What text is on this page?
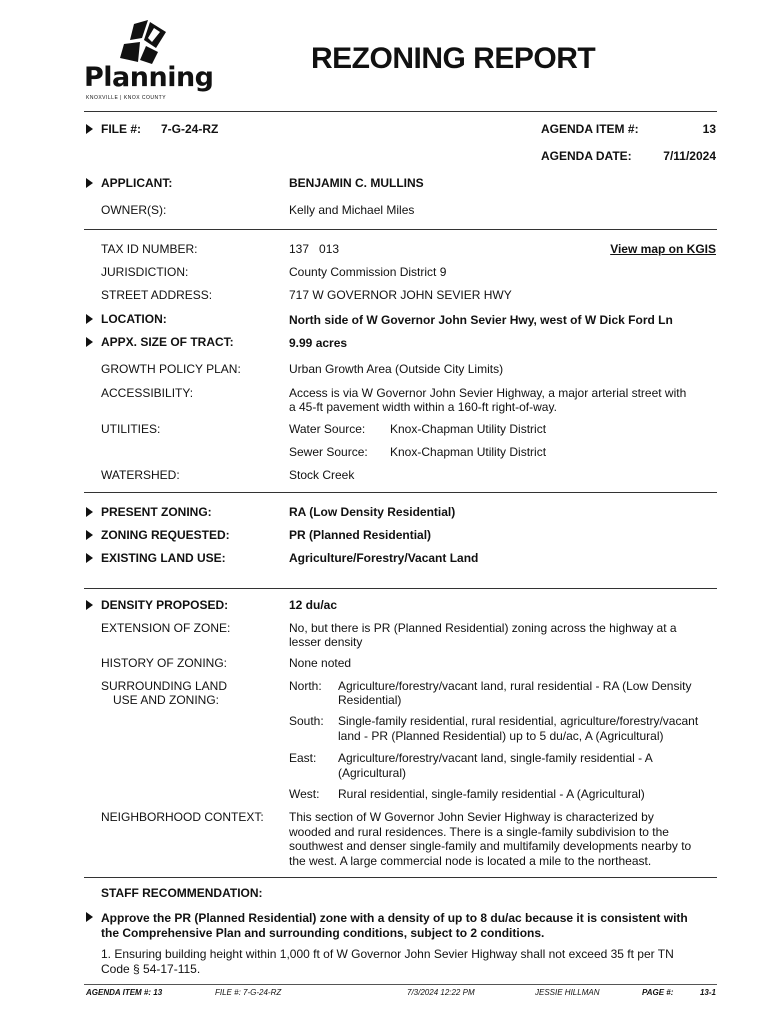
Planning
KNOXVILLE | KNOX COUNTY
REZONING REPORT
FILE #: 7-G-24-RZ	AGENDA ITEM #:	13
AGENDA DATE:	7/11/2024
APPLICANT:	BENJAMIN C. MULLINS
OWNER(S):	Kelly and Michael Miles
TAX ID NUMBER:	137   013	View map on KGIS
JURISDICTION:	County Commission District 9
STREET ADDRESS:	717 W GOVERNOR JOHN SEVIER HWY
LOCATION:	North side of W Governor John Sevier Hwy, west of W Dick Ford Ln
APPX. SIZE OF TRACT:	9.99 acres
GROWTH POLICY PLAN:	Urban Growth Area (Outside City Limits)
ACCESSIBILITY:	Access is via W Governor John Sevier Highway, a major arterial street with
a 45-ft pavement width within a 160-ft right-of-way.
UTILITIES:	Water Source: Knox-Chapman Utility District
Sewer Source: Knox-Chapman Utility District
WATERSHED:	Stock Creek
PRESENT ZONING:	RA (Low Density Residential)
ZONING REQUESTED:	PR (Planned Residential)
EXISTING LAND USE:	Agriculture/Forestry/Vacant Land
DENSITY PROPOSED:	12 du/ac
EXTENSION OF ZONE:	No, but there is PR (Planned Residential) zoning across the highway at a
lesser density
HISTORY OF ZONING:	None noted
SURROUNDING LAND
USE AND ZONING:
North: Agriculture/forestry/vacant land, rural residential - RA (Low Density
Residential)
South: Single-family residential, rural residential, agriculture/forestry/vacant
land - PR (Planned Residential) up to 5 du/ac, A (Agricultural)
East: Agriculture/forestry/vacant land, single-family residential - A
(Agricultural)
West: Rural residential, single-family residential - A (Agricultural)
NEIGHBORHOOD CONTEXT: This section of W Governor John Sevier Highway is characterized by
wooded and rural residences. There is a single-family subdivision to the
southwest and denser single-family and multifamily developments nearby to
the west. A large commercial node is located a mile to the northeast.
STAFF RECOMMENDATION:
Approve the PR (Planned Residential) zone with a density of up to 8 du/ac because it is consistent with
the Comprehensive Plan and surrounding conditions, subject to 2 conditions.
1. Ensuring building height within 1,000 ft of W Governor John Sevier Highway shall not exceed 35 ft per TN
Code § 54-17-115.
AGENDA ITEM #: 13	FILE #: 7-G-24-RZ	7/3/2024 12:22 PM	JESSIE HILLMAN	PAGE #:	13-1
